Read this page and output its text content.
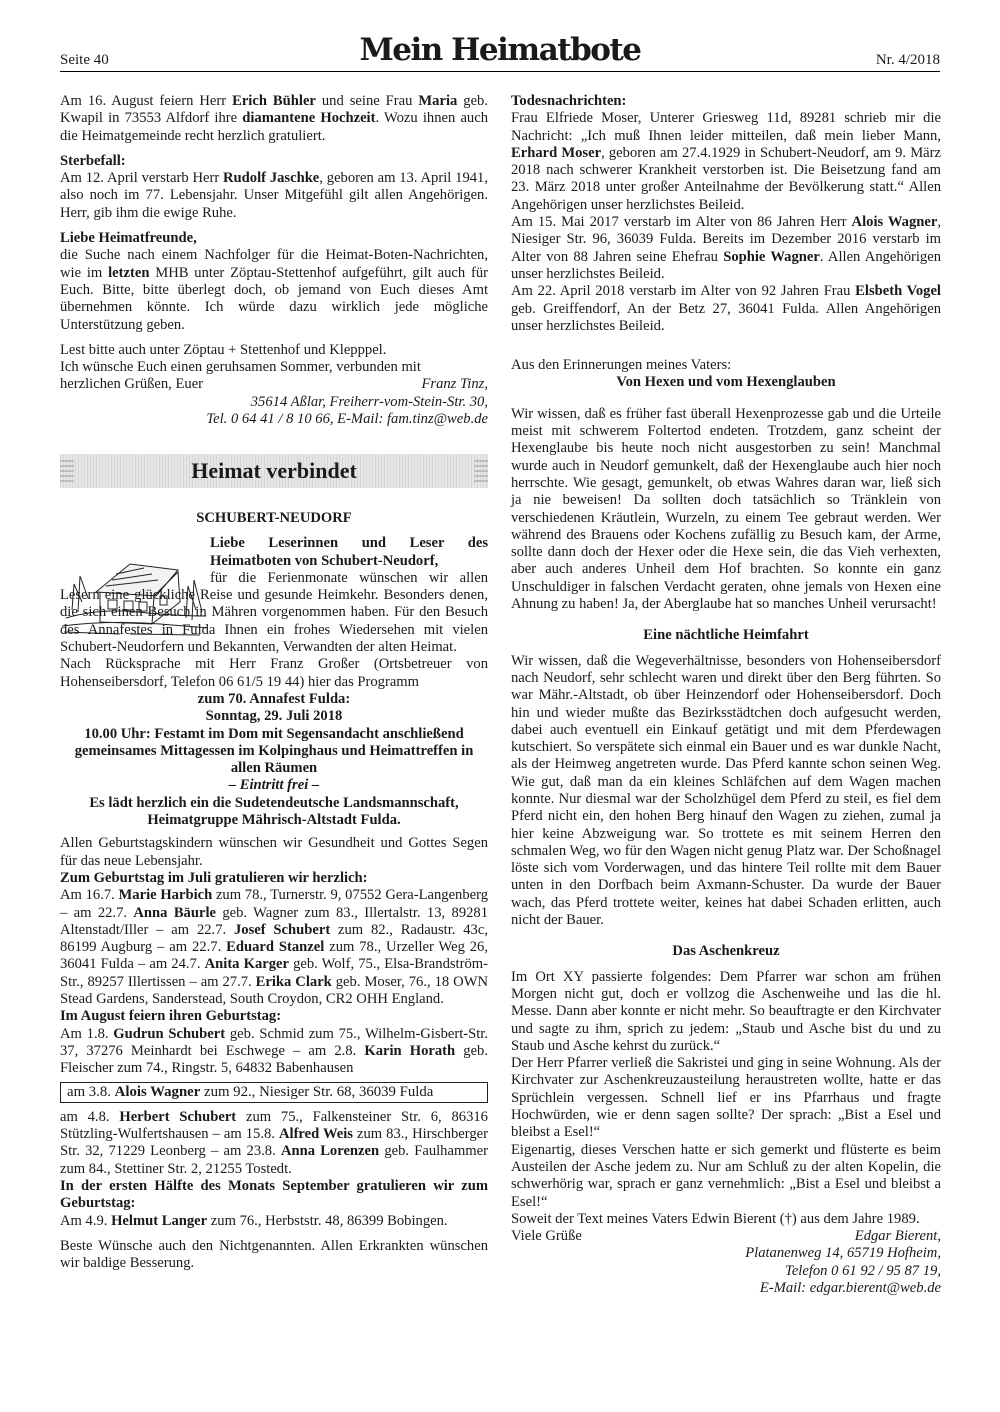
Seite 40	Mein Heimatbote	Nr. 4/2018

Am 16. August feiern Herr Erich Bühler und seine Frau Maria geb. Kwapil in 73553 Alfdorf ihre diamantene Hochzeit. Wozu ihnen auch die Heimatgemeinde recht herzlich gratuliert.

Sterbefall:

Am 12. April verstarb Herr Rudolf Jaschke, geboren am 13. April 1941, also noch im 77. Lebensjahr. Unser Mitgefühl gilt allen Angehörigen. Herr, gib ihm die ewige Ruhe.

Liebe Heimatfreunde,

die Suche nach einem Nachfolger für die Heimat-Boten-Nachrichten, wie im letzten MHB unter Zöptau-Stettenhof aufgeführt, gilt auch für Euch. Bitte, bitte überlegt doch, ob jemand von Euch dieses Amt übernehmen könnte. Ich würde dazu wirklich jede mögliche Unterstützung geben.

Lest bitte auch unter Zöptau + Stettenhof und Klepppel.

Ich wünsche Euch einen geruhsamen Sommer, verbunden mit

herzlichen Grüßen, Euer	Franz Tinz,

35614 Aßlar, Freiherr-vom-Stein-Str. 30,

Tel. 0 64 41 / 8 10 66, E-Mail: fam.tinz@web.de

Heimat verbindet

SCHUBERT-NEUDORF

Liebe Leserinnen und Leser des Heimatboten von Schubert-Neudorf,

für die Ferienmonate wünschen wir allen Lesern eine glückliche Reise und gesunde Heimkehr. Besonders denen, die sich einen Besuch in Mähren vorgenommen haben. Für den Besuch des Annafestes in Fulda Ihnen ein frohes Wiedersehen mit vielen Schubert-Neudorfern und Bekannten, Verwandten der alten Heimat.

Nach Rücksprache mit Herr Franz Großer (Ortsbetreuer von Hohenseibersdorf, Telefon 06 61/5 19 44) hier das Programm

zum 70. Annafest Fulda:

Sonntag, 29. Juli 2018

10.00 Uhr: Festamt im Dom mit Segensandacht anschließend gemeinsames Mittagessen im Kolpinghaus und Heimattreffen in allen Räumen

– Eintritt frei –

Es lädt herzlich ein die Sudetendeutsche Landsmannschaft, Heimatgruppe Mährisch-Altstadt Fulda.

Allen Geburtstagskindern wünschen wir Gesundheit und Gottes Segen für das neue Lebensjahr.

Zum Geburtstag im Juli gratulieren wir herzlich:

Am 16.7. Marie Harbich zum 78., Turnerstr. 9, 07552 Gera-Langenberg – am 22.7. Anna Bäurle geb. Wagner zum 83., Illertalstr. 13, 89281 Altenstadt/Iller – am 22.7. Josef Schubert zum 82., Radaustr. 43c, 86199 Augburg – am 22.7. Eduard Stanzel zum 78., Urzeller Weg 26, 36041 Fulda – am 24.7. Anita Karger geb. Wolf, 75., Elsa-Brandström-Str., 89257 Illertissen – am 27.7. Erika Clark geb. Moser, 76., 18 OWN Stead Gardens, Sanderstead, South Croydon, CR2 OHH England.

Im August feiern ihren Geburtstag:

Am 1.8. Gudrun Schubert geb. Schmid zum 75., Wilhelm-Gisbert-Str. 37, 37276 Meinhardt bei Eschwege – am 2.8. Karin Horath geb. Fleischer zum 74., Ringstr. 5, 64832 Babenhausen

am 3.8. Alois Wagner zum 92., Niesiger Str. 68, 36039 Fulda

am 4.8. Herbert Schubert zum 75., Falkensteiner Str. 6, 86316 Stützling-Wulfertshausen – am 15.8. Alfred Weis zum 83., Hirschberger Str. 32, 71229 Leonberg – am 23.8. Anna Lorenzen geb. Faulhammer zum 84., Stettiner Str. 2, 21255 Tostedt.

In der ersten Hälfte des Monats September gratulieren wir zum Geburtstag:

Am 4.9. Helmut Langer zum 76., Herbststr. 48, 86399 Bobingen.

Beste Wünsche auch den Nichtgenannten. Allen Erkrankten wünschen wir baldige Besserung.

Todesnachrichten:

Frau Elfriede Moser, Unterer Griesweg 11d, 89281 schrieb mir die Nachricht: „Ich muß Ihnen leider mitteilen, daß mein lieber Mann, Erhard Moser, geboren am 27.4.1929 in Schubert-Neudorf, am 9. März 2018 nach schwerer Krankheit verstorben ist. Die Beisetzung fand am 23. März 2018 unter großer Anteilnahme der Bevölkerung statt.“ Allen Angehörigen unser herzlichstes Beileid.

Am 15. Mai 2017 verstarb im Alter von 86 Jahren Herr Alois Wagner, Niesiger Str. 96, 36039 Fulda. Bereits im Dezember 2016 verstarb im Alter von 88 Jahren seine Ehefrau Sophie Wagner. Allen Angehörigen unser herzlichstes Beileid.

Am 22. April 2018 verstarb im Alter von 92 Jahren Frau Elsbeth Vogel geb. Greiffendorf, An der Betz 27, 36041 Fulda. Allen Angehörigen unser herzlichstes Beileid.

Aus den Erinnerungen meines Vaters:

Von Hexen und vom Hexenglauben

Wir wissen, daß es früher fast überall Hexenprozesse gab und die Urteile meist mit schwerem Foltertod endeten. Trotzdem, ganz scheint der Hexenglaube bis heute noch nicht ausgestorben zu sein! Manchmal wurde auch in Neudorf gemunkelt, daß der Hexenglaube auch hier noch herrschte. Wie gesagt, gemunkelt, ob etwas Wahres daran war, ließ sich ja nie beweisen! Da sollten doch tatsächlich so Tränklein von verschiedenen Kräutlein, Wurzeln, zu einem Tee gebraut werden. Wer während des Brauens oder Kochens zufällig zu Besuch kam, der Arme, sollte dann doch der Hexer oder die Hexe sein, die das Vieh verhexten, aber auch anderes Unheil dem Hof brachten. So konnte ein ganz Unschuldiger in falschen Verdacht geraten, ohne jemals von Hexen eine Ahnung zu haben! Ja, der Aberglaube hat so manches Unheil verursacht!

Eine nächtliche Heimfahrt

Wir wissen, daß die Wegeverhältnisse, besonders von Hohenseibersdorf nach Neudorf, sehr schlecht waren und direkt über den Berg führten. So war Mähr.-Altstadt, ob über Heinzendorf oder Hohenseibersdorf. Doch hin und wieder mußte das Bezirksstädtchen doch aufgesucht werden, dabei auch eventuell ein Einkauf getätigt und mit dem Pferdewagen kutschiert. So verspätete sich einmal ein Bauer und es war dunkle Nacht, als der Heimweg angetreten wurde. Das Pferd kannte schon seinen Weg. Wie gut, daß man da ein kleines Schläfchen auf dem Wagen machen konnte. Nur diesmal war der Scholzhügel dem Pferd zu steil, es fiel dem Pferd nicht ein, den hohen Berg hinauf den Wagen zu ziehen, zumal ja hier keine Abzweigung war. So trottete es mit seinem Herren den schmalen Weg, wo für den Wagen nicht genug Platz war. Der Schoßnagel löste sich vom Vorderwagen, und das hintere Teil rollte mit dem Bauer unten in den Dorfbach beim Axmann-Schuster. Da wurde der Bauer wach, das Pferd trottete weiter, keines hat dabei Schaden erlitten, auch nicht der Bauer.

Das Aschenkreuz

Im Ort XY passierte folgendes: Dem Pfarrer war schon am frühen Morgen nicht gut, doch er vollzog die Aschenweihe und las die hl. Messe. Dann aber konnte er nicht mehr. So beauftragte er den Kirchvater und sagte zu ihm, sprich zu jedem: „Staub und Asche bist du und zu Staub und Asche kehrst du zurück.“

Der Herr Pfarrer verließ die Sakristei und ging in seine Wohnung. Als der Kirchvater zur Aschenkreuzausteilung heraustreten wollte, hatte er das Sprüchlein vergessen. Schnell lief er ins Pfarrhaus und fragte Hochwürden, wie er denn sagen sollte? Der sprach: „Bist a Esel und bleibst a Esel!“

Eigenartig, dieses Verschen hatte er sich gemerkt und flüsterte es beim Austeilen der Asche jedem zu. Nur am Schluß zu der alten Kopelin, die schwerhörig war, sprach er ganz vernehmlich: „Bist a Esel und bleibst a Esel!“

Soweit der Text meines Vaters Edwin Bierent (†) aus dem Jahre 1989.

Viele Grüße	Edgar Bierent,

Platanenweg 14, 65719 Hofheim,

Telefon 0 61 92 / 95 87 19,

E-Mail: edgar.bierent@web.de
